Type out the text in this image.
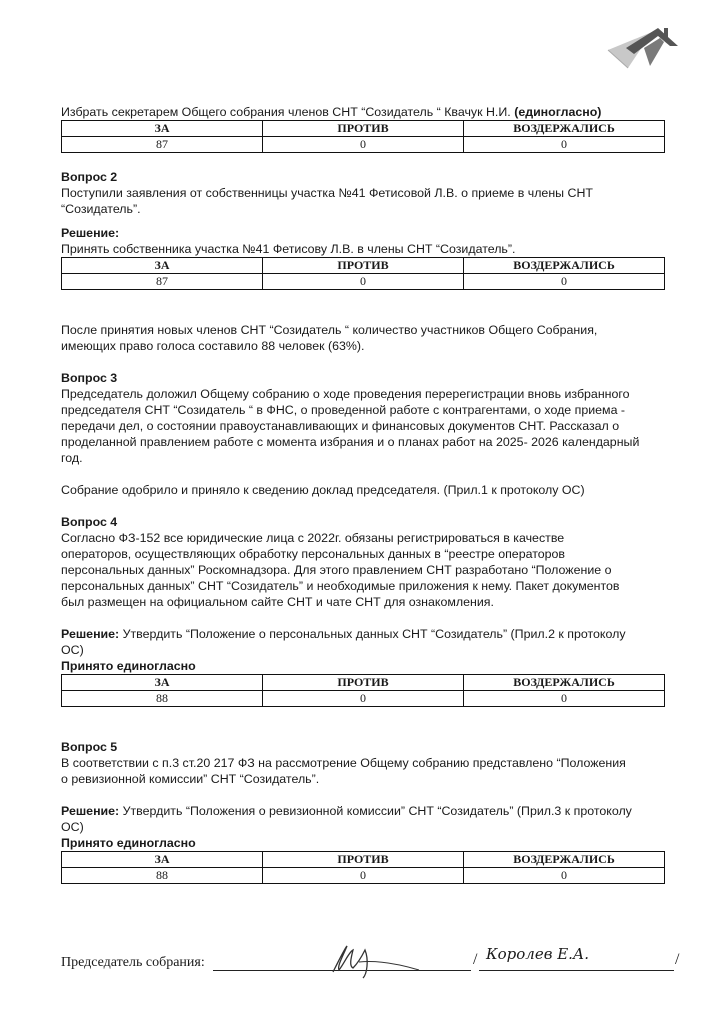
Избрать секретарем Общего собрания членов СНТ “Созидатель “ Квачук Н.И. (единогласно)
ЗА	ПРОТИВ	ВОЗДЕРЖАЛИСЬ
87	0	0
Вопрос 2
Поступили заявления от собственницы участка №41 Фетисовой Л.В. о приеме в члены СНТ
“Созидатель”.
Решение:
Принять собственника участка №41 Фетисову Л.В. в члены СНТ “Созидатель”.
ЗА	ПРОТИВ	ВОЗДЕРЖАЛИСЬ
87	0	0
После принятия новых членов СНТ “Созидатель “ количество участников Общего Собрания,
имеющих право голоса составило 88 человек (63%).
Вопрос 3
Председатель доложил Общему собранию о ходе проведения перерегистрации вновь избранного
председателя СНТ “Созидатель “ в ФНС, о проведенной работе с контрагентами, о ходе приема -
передачи дел, о состоянии правоустанавливающих и финансовых документов СНТ. Рассказал о
проделанной правлением работе с момента избрания и о планах работ на 2025- 2026 календарный
год.
Собрание одобрило и приняло к сведению доклад председателя. (Прил.1 к протоколу ОС)
Вопрос 4
Согласно ФЗ-152 все юридические лица с 2022г. обязаны регистрироваться в качестве
операторов, осуществляющих обработку персональных данных в “реестре операторов
персональных данных” Роскомнадзора. Для этого правлением СНТ разработано “Положение о
персональных данных” СНТ “Созидатель” и необходимые приложения к нему. Пакет документов
был размещен на официальном сайте СНТ и чате СНТ для ознакомления.
Решение: Утвердить “Положение о персональных данных СНТ “Созидатель” (Прил.2 к протоколу
ОС)
Принято единогласно
ЗА	ПРОТИВ	ВОЗДЕРЖАЛИСЬ
88	0	0
Вопрос 5
В соответствии с п.3 ст.20 217 ФЗ на рассмотрение Общему собранию представлено “Положения
о ревизионной комиссии” СНТ “Созидатель”.
Решение: Утвердить “Положения о ревизионной комиссии” СНТ “Созидатель” (Прил.3 к протоколу
ОС)
Принято единогласно
ЗА	ПРОТИВ	ВОЗДЕРЖАЛИСЬ
88	0	0
Председатель собрания:	/ Королев Е.А.	/
